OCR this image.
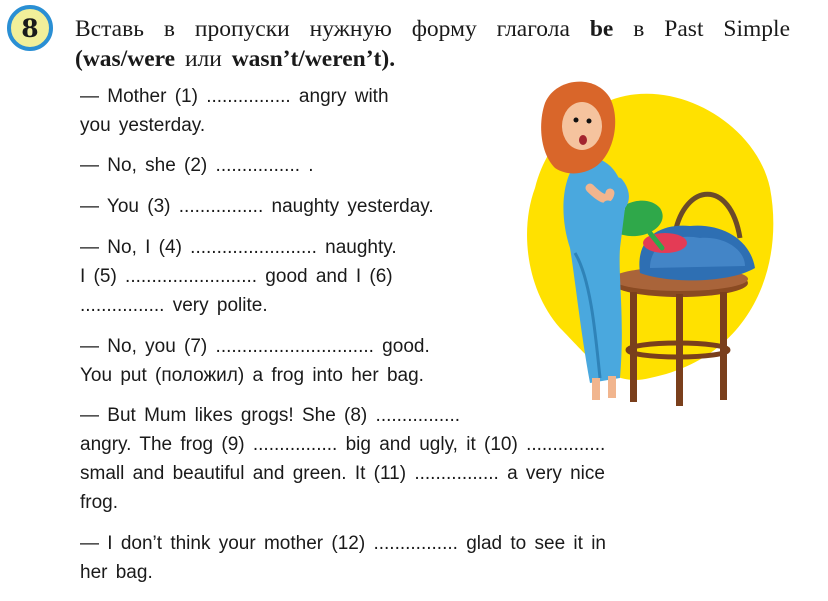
8 Вставь в пропуски нужную форму глагола be в Past Simple (was/were или wasn’t/weren’t).
— Mother (1) ................ angry with
you yesterday.
— No, she (2) ................ .
— You (3) ................ naughty yesterday.
— No, I (4) ........................ naughty.
I (5) ......................... good and I (6)
................ very polite.
— No, you (7) .............................. good.
You put (положил) a frog into her bag.
— But Mum likes grogs! She (8) ................
angry. The frog (9) ................ big and ugly, it (10) ...............
small and beautiful and green. It (11) ................ a very nice
frog.
— I don’t think your mother (12) ................ glad to see it in
her bag.
